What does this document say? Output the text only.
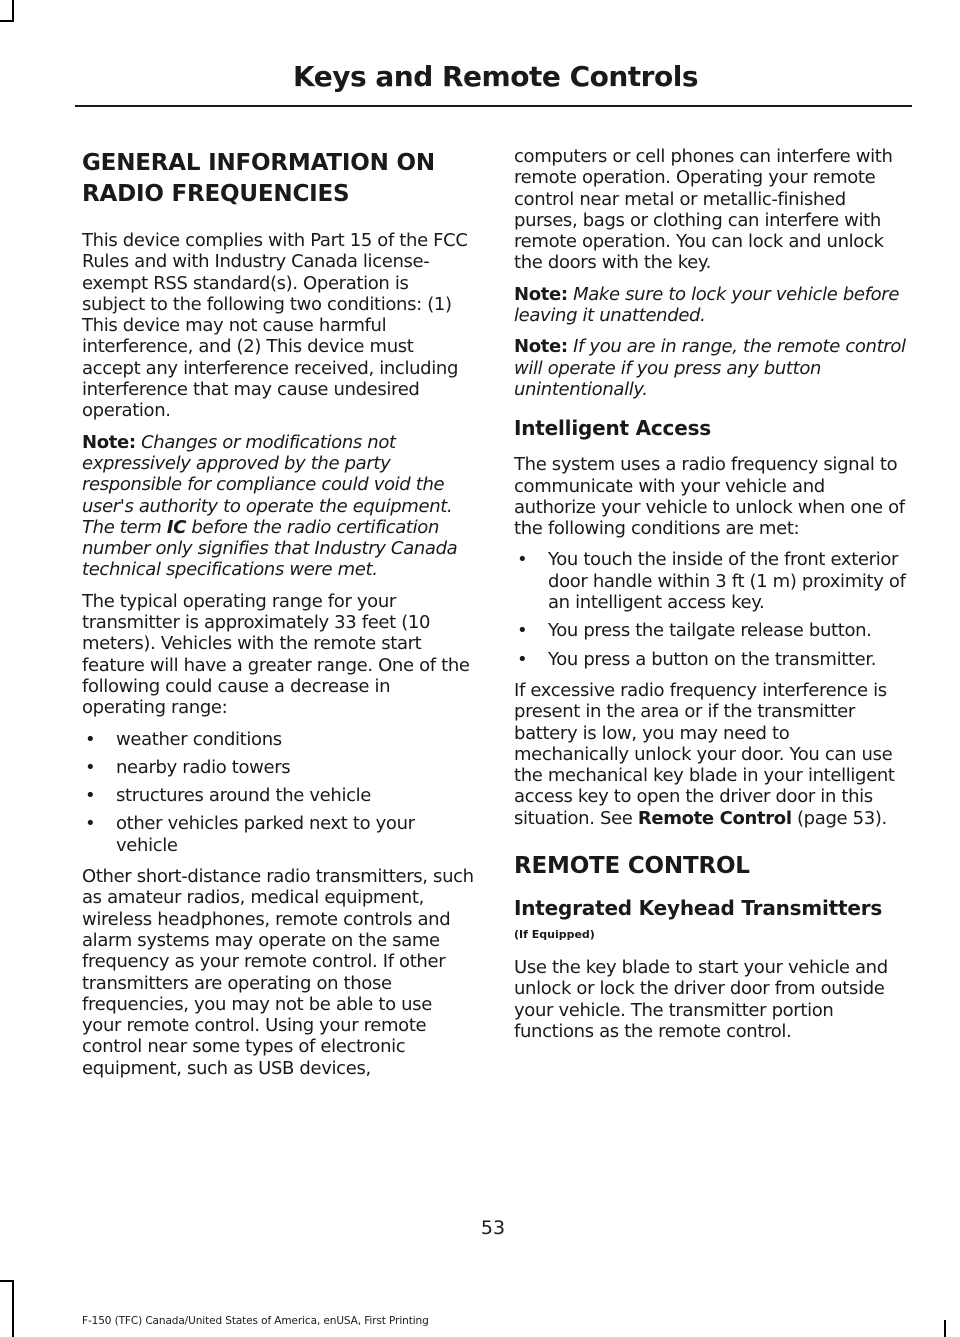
Keys and Remote Controls
GENERAL INFORMATION ON RADIO FREQUENCIES

This device complies with Part 15 of the FCC Rules and with Industry Canada license-exempt RSS standard(s). Operation is subject to the following two conditions: (1) This device may not cause harmful interference, and (2) This device must accept any interference received, including interference that may cause undesired operation.

Note: Changes or modifications not expressively approved by the party responsible for compliance could void the user's authority to operate the equipment. The term IC before the radio certification number only signifies that Industry Canada technical specifications were met.

The typical operating range for your transmitter is approximately 33 feet (10 meters). Vehicles with the remote start feature will have a greater range. One of the following could cause a decrease in operating range:

• weather conditions
• nearby radio towers
• structures around the vehicle
• other vehicles parked next to your vehicle

Other short-distance radio transmitters, such as amateur radios, medical equipment, wireless headphones, remote controls and alarm systems may operate on the same frequency as your remote control. If other transmitters are operating on those frequencies, you may not be able to use your remote control. Using your remote control near some types of electronic equipment, such as USB devices,

computers or cell phones can interfere with remote operation. Operating your remote control near metal or metallic-finished purses, bags or clothing can interfere with remote operation. You can lock and unlock the doors with the key.

Note: Make sure to lock your vehicle before leaving it unattended.

Note: If you are in range, the remote control will operate if you press any button unintentionally.

Intelligent Access

The system uses a radio frequency signal to communicate with your vehicle and authorize your vehicle to unlock when one of the following conditions are met:

• You touch the inside of the front exterior door handle within 3 ft (1 m) proximity of an intelligent access key.
• You press the tailgate release button.
• You press a button on the transmitter.

If excessive radio frequency interference is present in the area or if the transmitter battery is low, you may need to mechanically unlock your door. You can use the mechanical key blade in your intelligent access key to open the driver door in this situation. See Remote Control (page 53).

REMOTE CONTROL
Integrated Keyhead Transmitters
(If Equipped)

Use the key blade to start your vehicle and unlock or lock the driver door from outside your vehicle. The transmitter portion functions as the remote control.

53
F-150 (TFC) Canada/United States of America, enUSA, First Printing
